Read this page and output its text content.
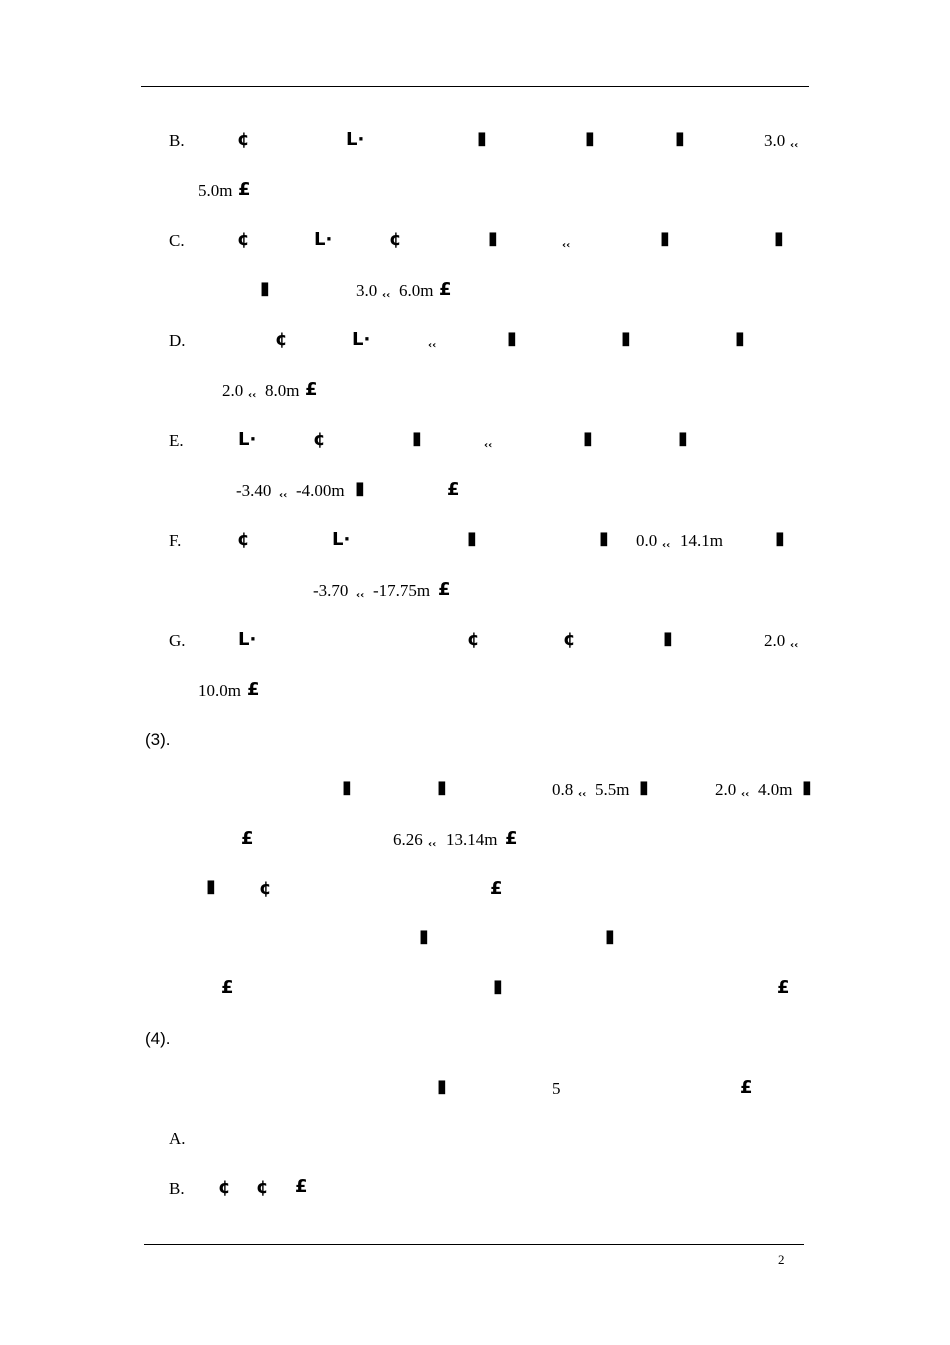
B.	¢	L·	▮	▮	▮	3.0 ‹‹
5.0m £
C.	¢	L·	¢	▮	‹‹	▮	▮
▮	3.0 ‹‹ 6.0m £
D.	¢	L·	‹‹	▮	▮	▮
2.0 ‹‹ 8.0m £
E.	L·	¢	▮	‹‹	▮	▮
-3.40 ‹‹ -4.00m ▮	£
F.	¢	L·	▮	▮ 0.0 ‹‹ 14.1m	▮
-3.70 ‹‹ -17.75m £
G.	L·	¢	¢	▮	2.0 ‹‹
10.0m £
(3).
▮	▮	0.8 ‹‹ 5.5m ▮	2.0 ‹‹ 4.0m ▮
£	6.26 ‹‹ 13.14m £
▮ ¢	£
▮	▮
£	▮	£
(4).
▮	5	£
A.
B. ¢ ¢ £
2
